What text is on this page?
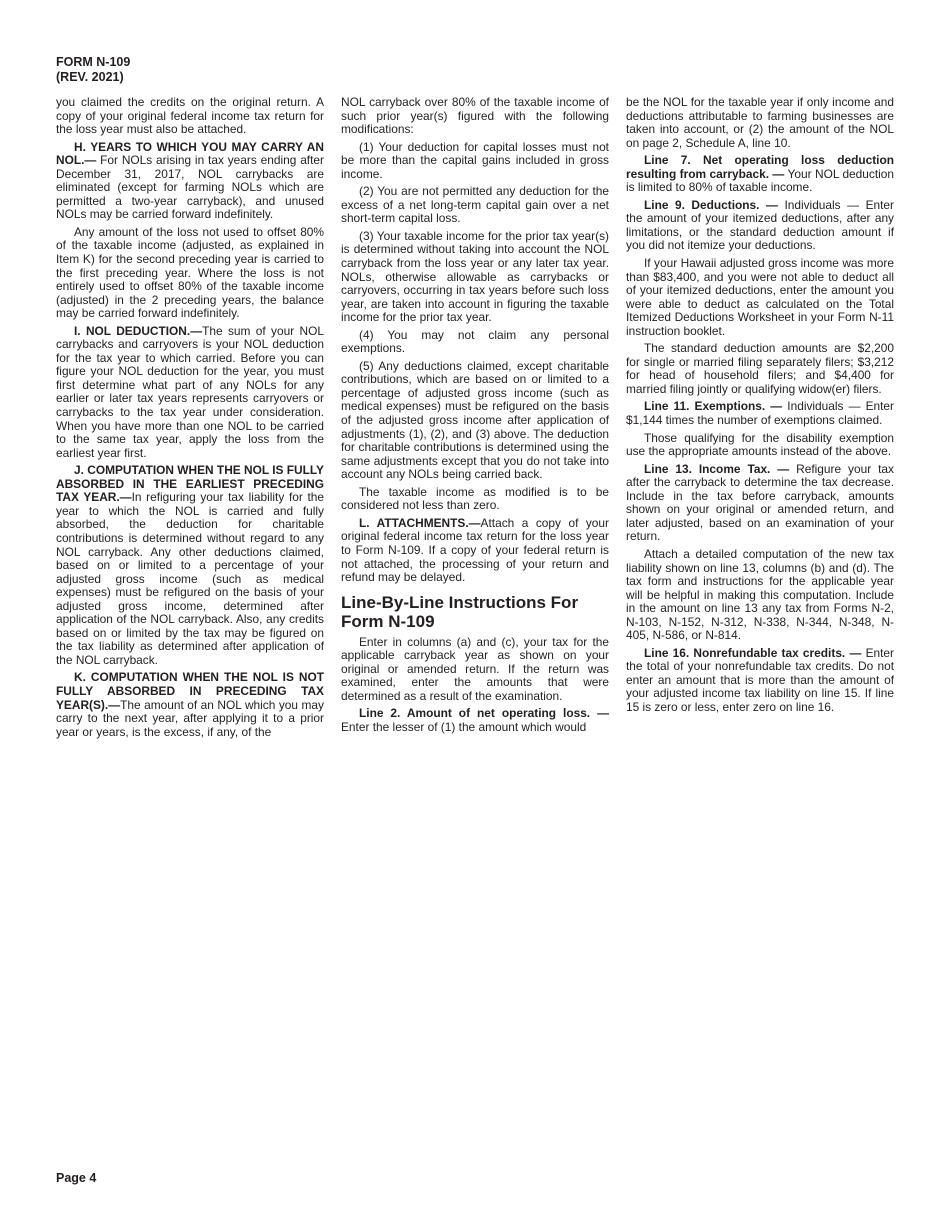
FORM N-109
(REV. 2021)

you claimed the credits on the original return. A copy of your original federal income tax return for the loss year must also be attached.

H. YEARS TO WHICH YOU MAY CARRY AN NOL.— For NOLs arising in tax years ending after December 31, 2017, NOL carrybacks are eliminated (except for farming NOLs which are permitted a two-year carryback), and unused NOLs may be carried forward indefinitely.

Any amount of the loss not used to offset 80% of the taxable income (adjusted, as explained in Item K) for the second preceding year is carried to the first preceding year. Where the loss is not entirely used to offset 80% of the taxable income (adjusted) in the 2 preceding years, the balance may be carried forward indefinitely.

I. NOL DEDUCTION.—The sum of your NOL carrybacks and carryovers is your NOL deduction for the tax year to which carried. Before you can figure your NOL deduction for the year, you must first determine what part of any NOLs for any earlier or later tax years represents carryovers or carrybacks to the tax year under consideration. When you have more than one NOL to be carried to the same tax year, apply the loss from the earliest year first.

J. COMPUTATION WHEN THE NOL IS FULLY ABSORBED IN THE EARLIEST PRECEDING TAX YEAR.—In refiguring your tax liability for the year to which the NOL is carried and fully absorbed, the deduction for charitable contributions is determined without regard to any NOL carryback. Any other deductions claimed, based on or limited to a percentage of your adjusted gross income (such as medical expenses) must be refigured on the basis of your adjusted gross income, determined after application of the NOL carryback. Also, any credits based on or limited by the tax may be figured on the tax liability as determined after application of the NOL carryback.

K. COMPUTATION WHEN THE NOL IS NOT FULLY ABSORBED IN PRECEDING TAX YEAR(S).—The amount of an NOL which you may carry to the next year, after applying it to a prior year or years, is the excess, if any, of the

NOL carryback over 80% of the taxable income of such prior year(s) figured with the following modifications:

(1) Your deduction for capital losses must not be more than the capital gains included in gross income.

(2) You are not permitted any deduction for the excess of a net long-term capital gain over a net short-term capital loss.

(3) Your taxable income for the prior tax year(s) is determined without taking into account the NOL carryback from the loss year or any later tax year. NOLs, otherwise allowable as carrybacks or carryovers, occurring in tax years before such loss year, are taken into account in figuring the taxable income for the prior tax year.

(4) You may not claim any personal exemptions.

(5) Any deductions claimed, except charitable contributions, which are based on or limited to a percentage of adjusted gross income (such as medical expenses) must be refigured on the basis of the adjusted gross income after application of adjustments (1), (2), and (3) above. The deduction for charitable contributions is determined using the same adjustments except that you do not take into account any NOLs being carried back.

The taxable income as modified is to be considered not less than zero.

L. ATTACHMENTS.—Attach a copy of your original federal income tax return for the loss year to Form N-109. If a copy of your federal return is not attached, the processing of your return and refund may be delayed.

Line-By-Line Instructions For Form N-109

Enter in columns (a) and (c), your tax for the applicable carryback year as shown on your original or amended return. If the return was examined, enter the amounts that were determined as a result of the examination.

Line 2. Amount of net operating loss. — Enter the lesser of (1) the amount which would

be the NOL for the taxable year if only income and deductions attributable to farming businesses are taken into account, or (2) the amount of the NOL on page 2, Schedule A, line 10.

Line 7. Net operating loss deduction resulting from carryback. — Your NOL deduction is limited to 80% of taxable income.

Line 9. Deductions. — Individuals — Enter the amount of your itemized deductions, after any limitations, or the standard deduction amount if you did not itemize your deductions.

If your Hawaii adjusted gross income was more than $83,400, and you were not able to deduct all of your itemized deductions, enter the amount you were able to deduct as calculated on the Total Itemized Deductions Worksheet in your Form N-11 instruction booklet.

The standard deduction amounts are $2,200 for single or married filing separately filers; $3,212 for head of household filers; and $4,400 for married filing jointly or qualifying widow(er) filers.

Line 11. Exemptions. — Individuals — Enter $1,144 times the number of exemptions claimed.

Those qualifying for the disability exemption use the appropriate amounts instead of the above.

Line 13. Income Tax. — Refigure your tax after the carryback to determine the tax decrease. Include in the tax before carryback, amounts shown on your original or amended return, and later adjusted, based on an examination of your return.

Attach a detailed computation of the new tax liability shown on line 13, columns (b) and (d). The tax form and instructions for the applicable year will be helpful in making this computation. Include in the amount on line 13 any tax from Forms N-2, N-103, N-152, N-312, N-338, N-344, N-348, N-405, N-586, or N-814.

Line 16. Nonrefundable tax credits. — Enter the total of your nonrefundable tax credits. Do not enter an amount that is more than the amount of your adjusted income tax liability on line 15. If line 15 is zero or less, enter zero on line 16.

Page 4
